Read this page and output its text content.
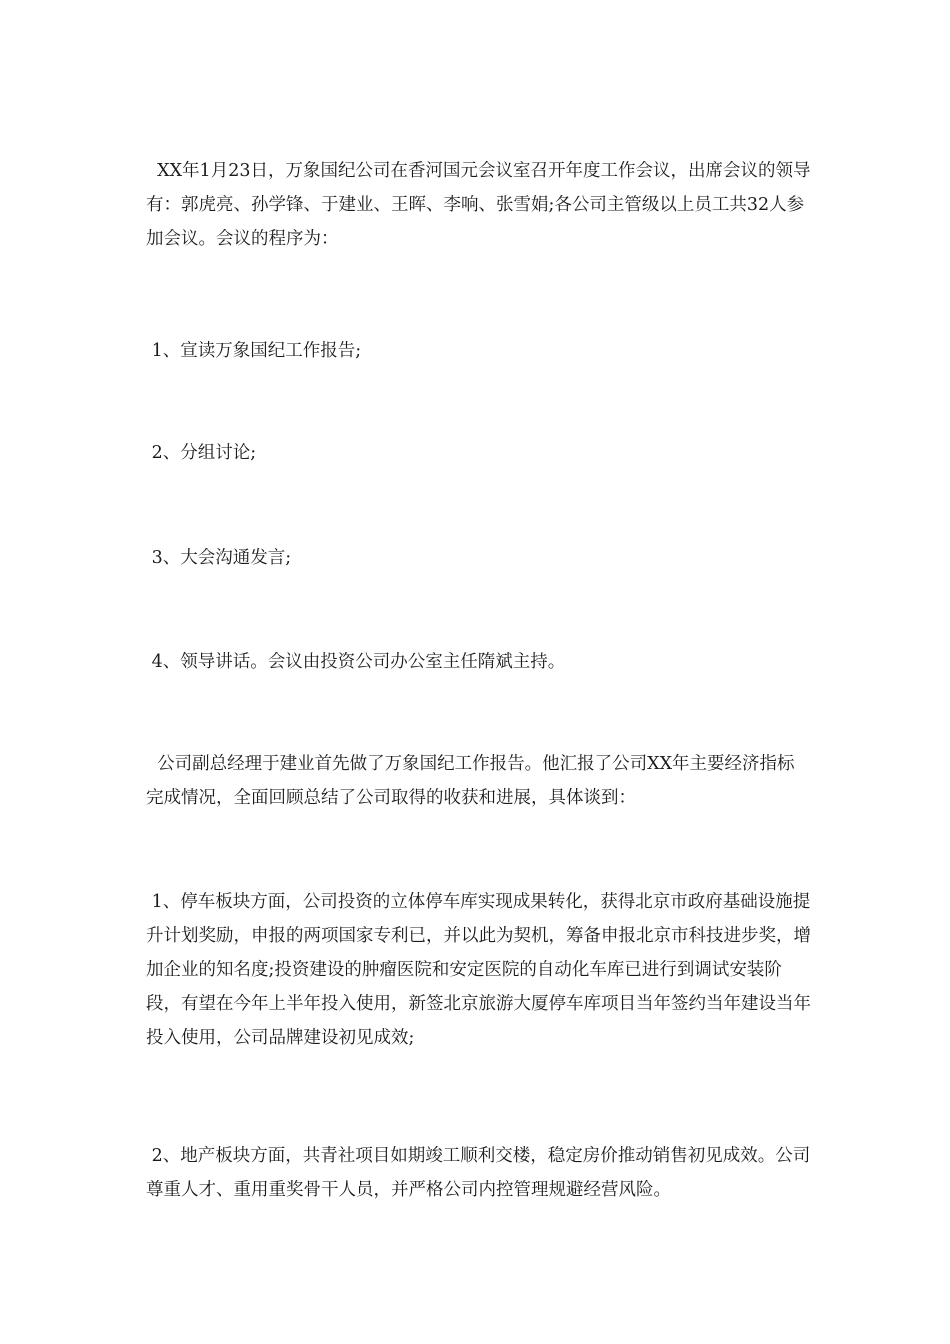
XX年1月23日，万象国纪公司在香河国元会议室召开年度工作会议，出席会议的领导有：郭虎亮、孙学锋、于建业、王晖、李响、张雪娟;各公司主管级以上员工共32人参加会议。会议的程序为：

1、宣读万象国纪工作报告;

2、分组讨论;

3、大会沟通发言;

4、领导讲话。会议由投资公司办公室主任隋斌主持。

公司副总经理于建业首先做了万象国纪工作报告。他汇报了公司XX年主要经济指标完成情况，全面回顾总结了公司取得的收获和进展，具体谈到：

1、停车板块方面，公司投资的立体停车库实现成果转化，获得北京市政府基础设施提升计划奖励，申报的两项国家专利已，并以此为契机，筹备申报北京市科技进步奖，增加企业的知名度;投资建设的肿瘤医院和安定医院的自动化车库已进行到调试安装阶段，有望在今年上半年投入使用，新签北京旅游大厦停车库项目当年签约当年建设当年投入使用，公司品牌建设初见成效;

2、地产板块方面，共青社项目如期竣工顺利交楼，稳定房价推动销售初见成效。公司尊重人才、重用重奖骨干人员，并严格公司内控管理规避经营风险。
